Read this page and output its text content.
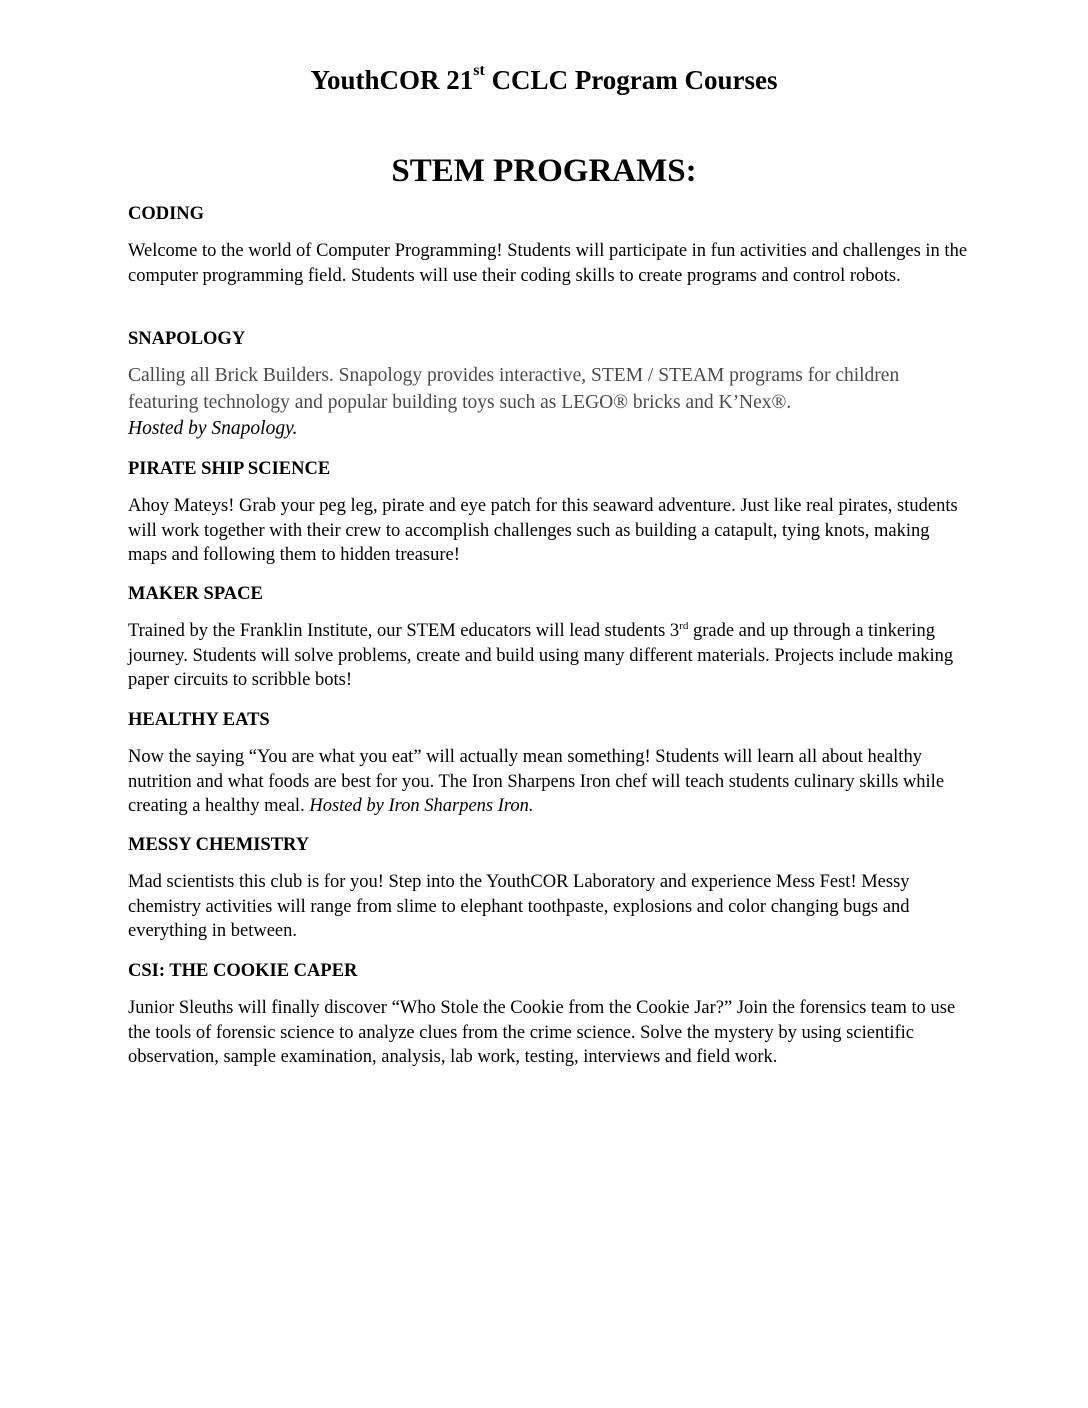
YouthCOR 21st CCLC Program Courses
STEM PROGRAMS:
CODING

Welcome to the world of Computer Programming! Students will participate in fun activities and challenges in the computer programming field. Students will use their coding skills to create programs and control robots.

SNAPOLOGY

Calling all Brick Builders. Snapology provides interactive, STEM / STEAM programs for children featuring technology and popular building toys such as LEGO® bricks and K’Nex®.
Hosted by Snapology.

PIRATE SHIP SCIENCE

Ahoy Mateys! Grab your peg leg, pirate and eye patch for this seaward adventure. Just like real pirates, students will work together with their crew to accomplish challenges such as building a catapult, tying knots, making maps and following them to hidden treasure!

MAKER SPACE

Trained by the Franklin Institute, our STEM educators will lead students 3rd grade and up through a tinkering journey. Students will solve problems, create and build using many different materials. Projects include making paper circuits to scribble bots!

HEALTHY EATS

Now the saying “You are what you eat” will actually mean something! Students will learn all about healthy nutrition and what foods are best for you. The Iron Sharpens Iron chef will teach students culinary skills while creating a healthy meal. Hosted by Iron Sharpens Iron.

MESSY CHEMISTRY

Mad scientists this club is for you! Step into the YouthCOR Laboratory and experience Mess Fest! Messy chemistry activities will range from slime to elephant toothpaste, explosions and color changing bugs and everything in between.

CSI: THE COOKIE CAPER

Junior Sleuths will finally discover “Who Stole the Cookie from the Cookie Jar?” Join the forensics team to use the tools of forensic science to analyze clues from the crime science. Solve the mystery by using scientific observation, sample examination, analysis, lab work, testing, interviews and field work.
